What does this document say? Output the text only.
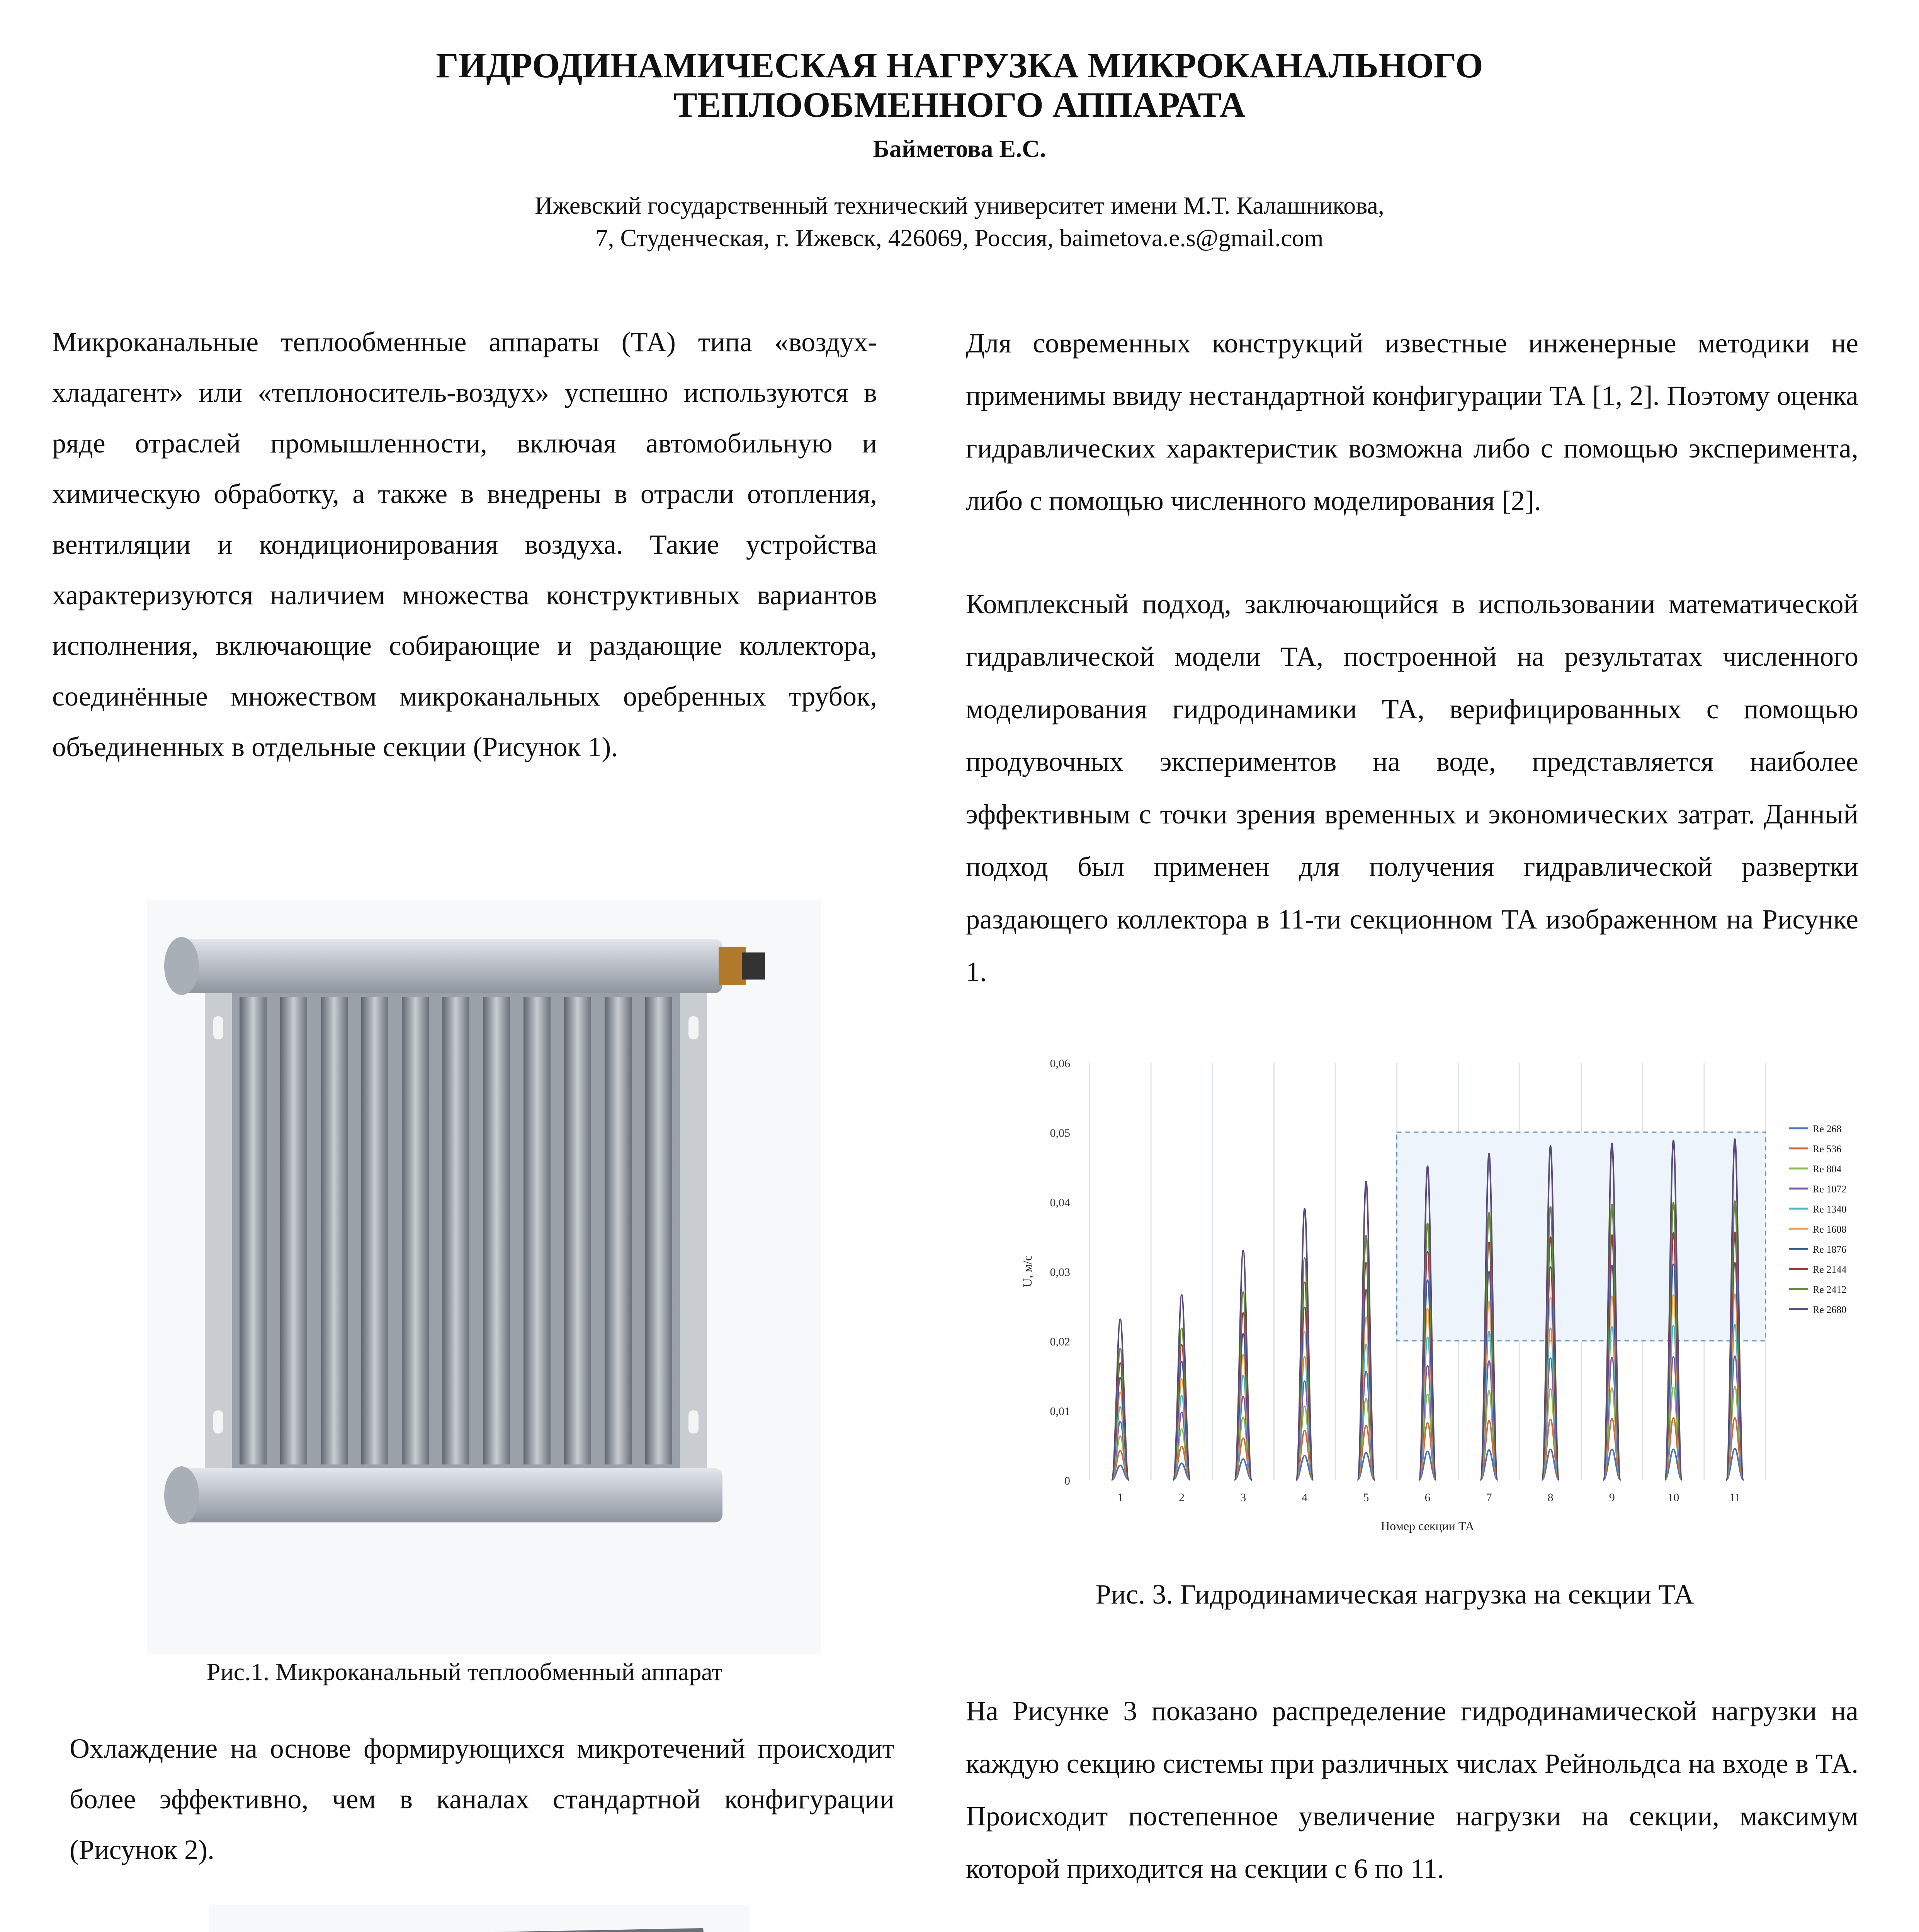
ГИДРОДИНАМИЧЕСКАЯ НАГРУЗКА МИКРОКАНАЛЬНОГО
ТЕПЛООБМЕННОГО АППАРАТА
Байметова Е.С.
Ижевский государственный технический университет имени М.Т. Калашникова,
7, Студенческая, г. Ижевск, 426069, Россия, baimetova.e.s@gmail.com
Микроканальные теплообменные аппараты (ТА) типа «воздух-хладагент» или «теплоноситель-воздух» успешно используются в ряде отраслей промышленности, включая автомобильную и химическую обработку, а также в внедрены в отрасли отопления, вентиляции и кондиционирования воздуха. Такие устройства характеризуются наличием множества конструктивных вариантов исполнения, включающие собирающие и раздающие коллектора, соединённые множеством микроканальных оребренных трубок, объединенных в отдельные секции (Рисунок 1).
Рис.1. Микроканальный теплообменный аппарат
Охлаждение на основе формирующихся микротечений происходит более эффективно, чем в каналах стандартной конфигурации (Рисунок 2).
Для современных конструкций известные инженерные методики не применимы ввиду нестандартной конфигурации ТА [1, 2]. Поэтому оценка гидравлических характеристик возможна либо с помощью эксперимента, либо с помощью численного моделирования [2].
Комплексный подход, заключающийся в использовании математической гидравлической модели ТА, построенной на результатах численного моделирования гидродинамики ТА, верифицированных с помощью продувочных экспериментов на воде, представляется наиболее эффективным с точки зрения временных и экономических затрат. Данный подход был применен для получения гидравлической развертки раздающего коллектора в 11-ти секционном ТА изображенном на Рисунке 1.
0
0,01
0,02
0,03
0,04
0,05
0,06
1	2	3	4	5	6	7	8	9	10	11
Номер секции ТА
U, м/с
Re 268
Re 536
Re 804
Re 1072
Re 1340
Re 1608
Re 1876
Re 2144
Re 2412
Re 2680
Рис. 3. Гидродинамическая нагрузка на секции ТА
На Рисунке 3 показано распределение гидродинамической нагрузки на каждую секцию системы при различных числах Рейнольдса на входе в ТА. Происходит постепенное увеличение нагрузки на секции, максимум которой приходится на секции с 6 по 11.
